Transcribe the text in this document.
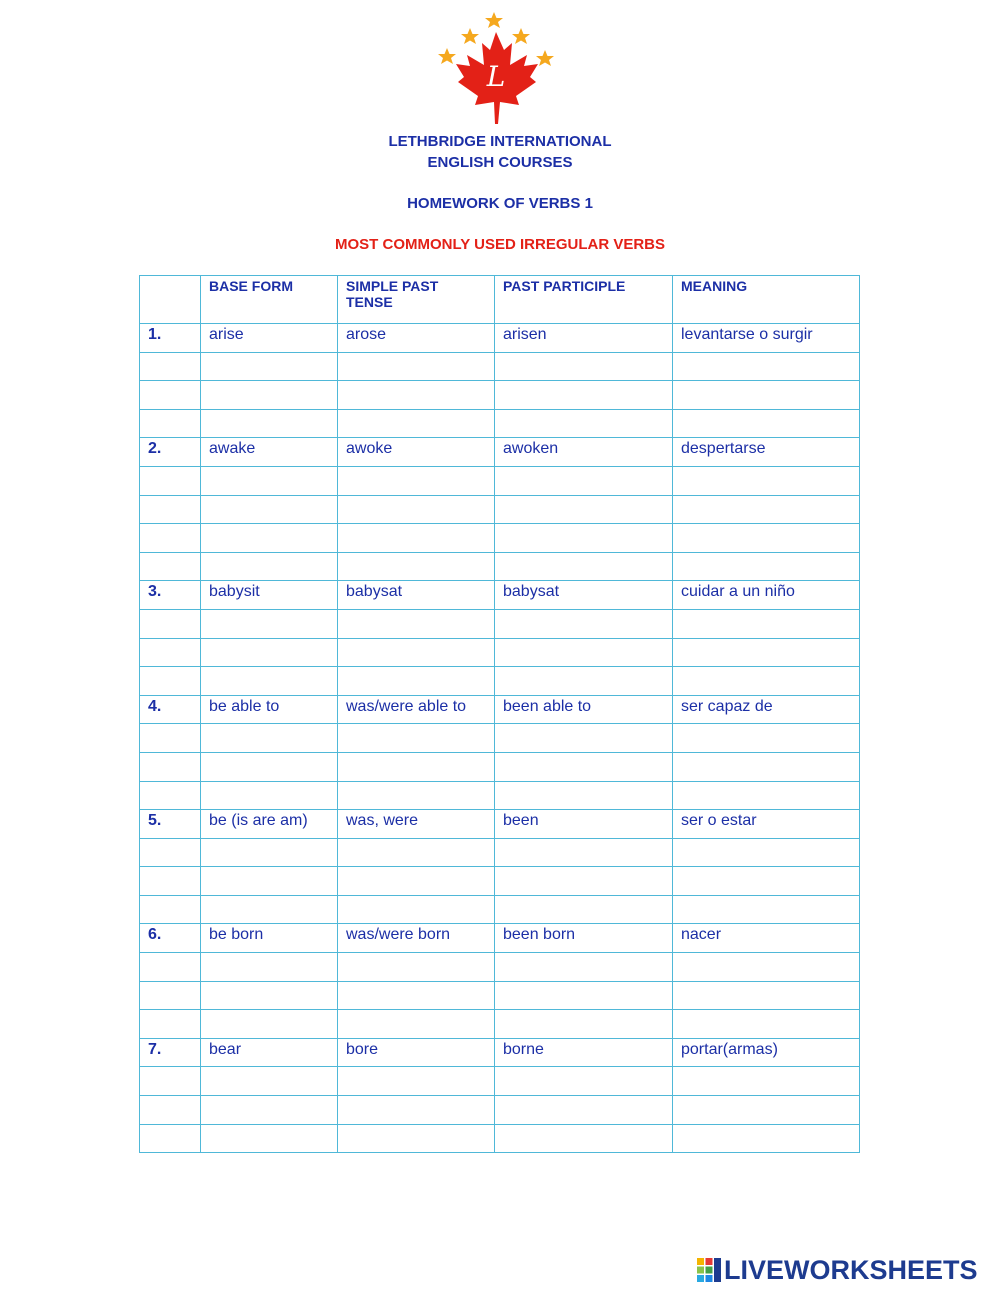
L

LETHBRIDGE INTERNATIONAL

ENGLISH COURSES

HOMEWORK OF VERBS 1

MOST COMMONLY USED IRREGULAR VERBS

	BASE FORM	SIMPLE PAST TENSE	PAST PARTICIPLE	MEANING
1.	arise	arose	arisen	levantarse o surgir

2.	awake	awoke	awoken	despertarse

3.	babysit	babysat	babysat	cuidar a un niño

4.	be able to	was/were able to	been able to	ser capaz de

5.	be (is are am)	was, were	been	ser o estar

6.	be born	was/were born	been born	nacer

7.	bear	bore	borne	portar(armas)

LIVEWORKSHEETS
